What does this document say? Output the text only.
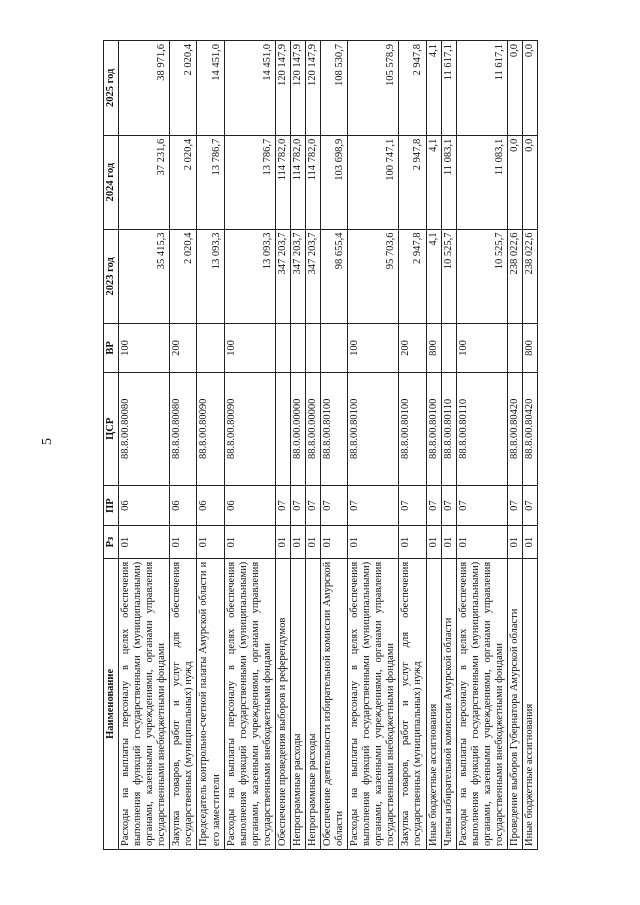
5
Наименование	Рз	ПР	ЦСР	ВР	2023 год	2024 год	2025 год
Расходы на выплаты персоналу в целях обеспечения выполнения функций государственными (муниципальными) органами, казенными учреждениями, органами управления государственными внебюджетными фондами	01	06	88.8.00.80080	100	35 415,3	37 231,6	38 971,6
Закупка товаров, работ и услуг для обеспечения государственных (муниципальных) нужд	01	06	88.8.00.80080	200	2 020,4	2 020,4	2 020,4
Председатель контрольно-счетной палаты Амурской области и его заместители	01	06	88.8.00.80090		13 093,3	13 786,7	14 451,0
Расходы на выплаты персоналу в целях обеспечения выполнения функций государственными (муниципальными) органами, казенными учреждениями, органами управления государственными внебюджетными фондами	01	06	88.8.00.80090	100	13 093,3	13 786,7	14 451,0
Обеспечение проведения выборов и референдумов	01	07			347 203,7	114 782,0	120 147,9
Непрограммные расходы	01	07	88.0.00.00000		347 203,7	114 782,0	120 147,9
Непрограммные расходы	01	07	88.8.00.00000		347 203,7	114 782,0	120 147,9
Обеспечение деятельности избирательной комиссии Амурской области	01	07	88.8.00.80100		98 655,4	103 698,9	108 530,7
Расходы на выплаты персоналу в целях обеспечения выполнения функций государственными (муниципальными) органами, казенными учреждениями, органами управления государственными внебюджетными фондами	01	07	88.8.00.80100	100	95 703,6	100 747,1	105 578,9
Закупка товаров, работ и услуг для обеспечения государственных (муниципальных) нужд	01	07	88.8.00.80100	200	2 947,8	2 947,8	2 947,8
Иные бюджетные ассигнования	01	07	88.8.00.80100	800	4,1	4,1	4,1
Члены избирательной комиссии Амурской области	01	07	88.8.00.80110		10 525,7	11 083,1	11 617,1
Расходы на выплаты персоналу в целях обеспечения выполнения функций государственными (муниципальными) органами, казенными учреждениями, органами управления государственными внебюджетными фондами	01	07	88.8.00.80110	100	10 525,7	11 083,1	11 617,1
Проведение выборов Губернатора Амурской области	01	07	88.8.00.80420		238 022,6	0,0	0,0
Иные бюджетные ассигнования	01	07	88.8.00.80420	800	238 022,6	0,0	0,0
